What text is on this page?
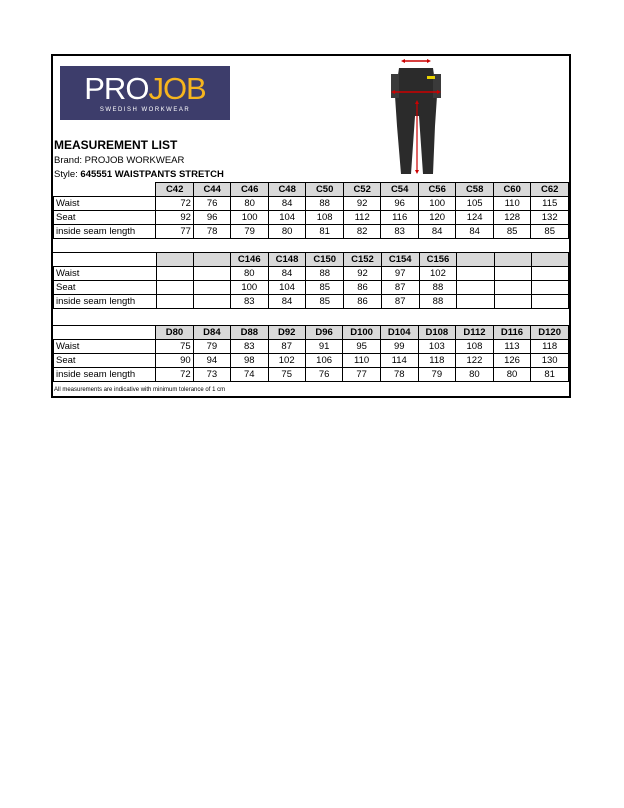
PROJOB
SWEDISH WORKWEAR
MEASUREMENT LIST
Brand: PROJOB WORKWEAR
Style: 645551 WAISTPANTS STRETCH
	C42	C44	C46	C48	C50	C52	C54	C56	C58	C60	C62
Waist	72	76	80	84	88	92	96	100	105	110	115
Seat	92	96	100	104	108	112	116	120	124	128	132
inside seam length	77	78	79	80	81	82	83	84	84	85	85
			C146	C148	C150	C152	C154	C156			
Waist			80	84	88	92	97	102			
Seat			100	104	85	86	87	88			
inside seam length			83	84	85	86	87	88			
	D80	D84	D88	D92	D96	D100	D104	D108	D112	D116	D120
Waist	75	79	83	87	91	95	99	103	108	113	118
Seat	90	94	98	102	106	110	114	118	122	126	130
inside seam length	72	73	74	75	76	77	78	79	80	80	81
All measurements are indicative with minimum tolerance of 1 cm
